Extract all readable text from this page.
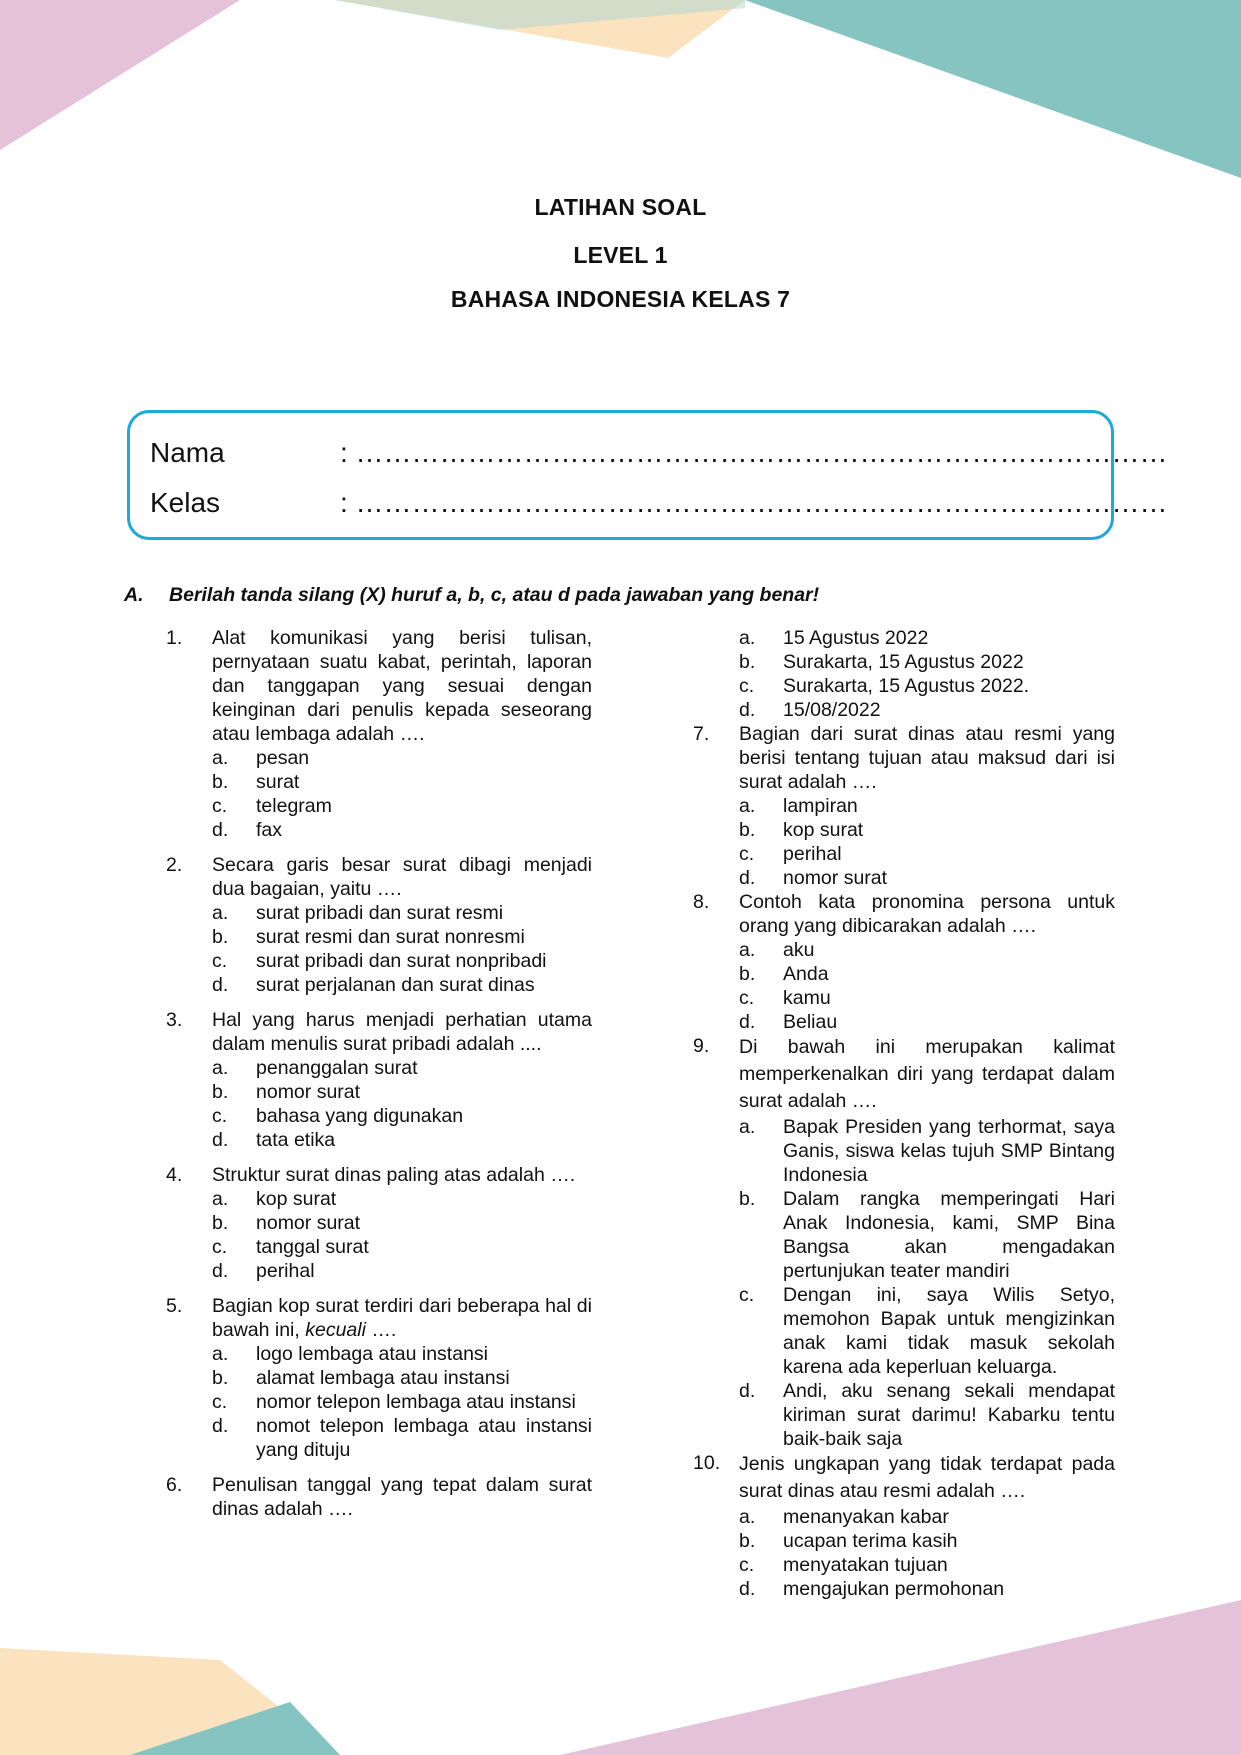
LATIHAN SOAL
LEVEL 1
BAHASA INDONESIA KELAS 7
Nama	: ……………………………………………………………………………
Kelas	: ……………………………………………………………………………
A. Berilah tanda silang (X) huruf a, b, c, atau d pada jawaban yang benar!
1.	Alat komunikasi yang berisi tulisan, pernyataan suatu kabat, perintah, laporan dan tanggapan yang sesuai dengan keinginan dari penulis kepada seseorang atau lembaga adalah ….
a.	pesan
b.	surat
c.	telegram
d.	fax
2.	Secara garis besar surat dibagi menjadi dua bagaian, yaitu ….
a.	surat pribadi dan surat resmi
b.	surat resmi dan surat nonresmi
c.	surat pribadi dan surat nonpribadi
d.	surat perjalanan dan surat dinas
3.	Hal yang harus menjadi perhatian utama dalam menulis surat pribadi adalah ....
a.	penanggalan surat
b.	nomor surat
c.	bahasa yang digunakan
d.	tata etika
4.	Struktur surat dinas paling atas adalah ….
a.	kop surat
b.	nomor surat
c.	tanggal surat
d.	perihal
5.	Bagian kop surat terdiri dari beberapa hal di bawah ini, kecuali ….
a.	logo lembaga atau instansi
b.	alamat lembaga atau instansi
c.	nomor telepon lembaga atau instansi
d.	nomot telepon lembaga atau instansi yang dituju
6.	Penulisan tanggal yang tepat dalam surat dinas adalah ….
a.	15 Agustus 2022
b.	Surakarta, 15 Agustus 2022
c.	Surakarta, 15 Agustus 2022.
d.	15/08/2022
7.	Bagian dari surat dinas atau resmi yang berisi tentang tujuan atau maksud dari isi surat adalah ….
a.	lampiran
b.	kop surat
c.	perihal
d.	nomor surat
8.	Contoh kata pronomina persona untuk orang yang dibicarakan adalah ….
a.	aku
b.	Anda
c.	kamu
d.	Beliau
9.	Di bawah ini merupakan kalimat memperkenalkan diri yang terdapat dalam surat adalah ….
a.	Bapak Presiden yang terhormat, saya Ganis, siswa kelas tujuh SMP Bintang Indonesia
b.	Dalam rangka memperingati Hari Anak Indonesia, kami, SMP Bina Bangsa akan mengadakan pertunjukan teater mandiri
c.	Dengan ini, saya Wilis Setyo, memohon Bapak untuk mengizinkan anak kami tidak masuk sekolah karena ada keperluan keluarga.
d.	Andi, aku senang sekali mendapat kiriman surat darimu! Kabarku tentu baik-baik saja
10. Jenis ungkapan yang tidak terdapat pada surat dinas atau resmi adalah ….
a.	menanyakan kabar
b.	ucapan terima kasih
c.	menyatakan tujuan
d.	mengajukan permohonan
